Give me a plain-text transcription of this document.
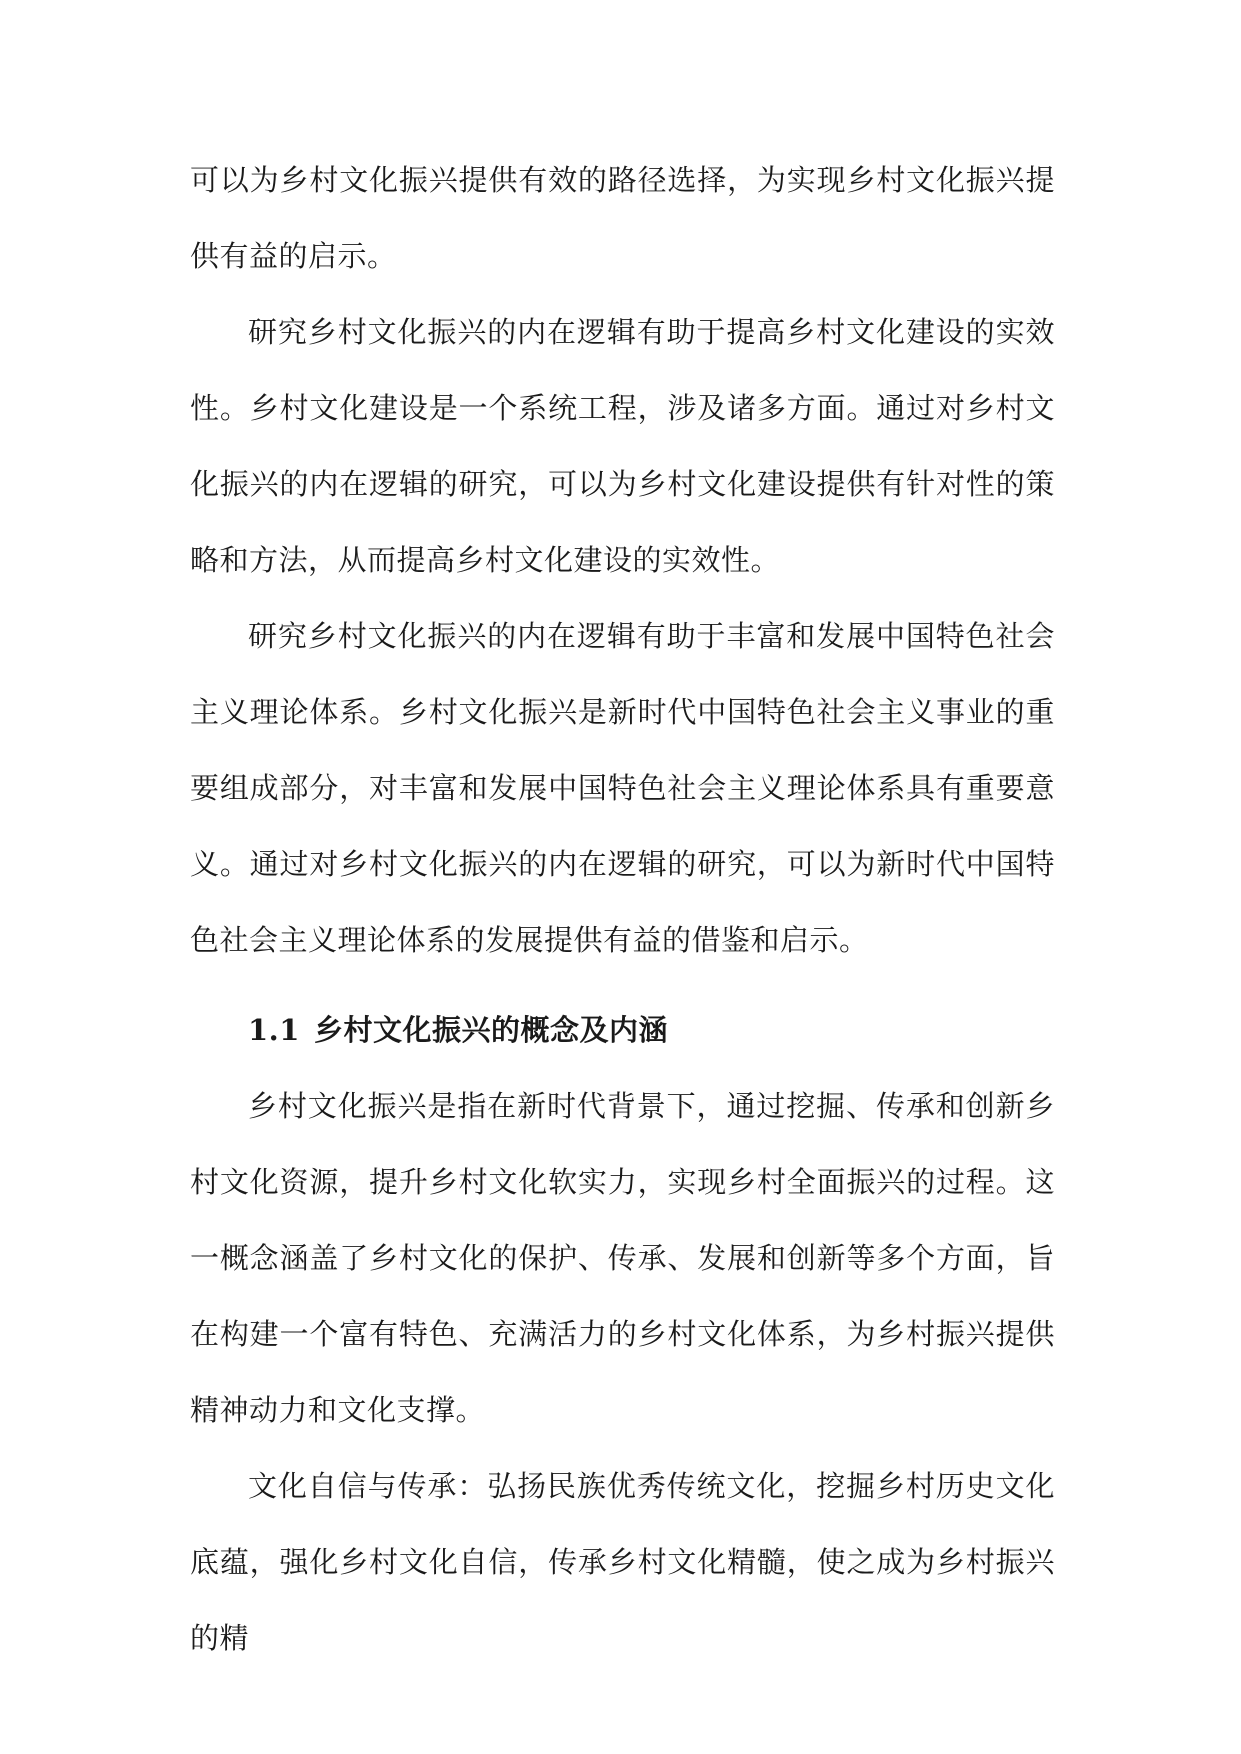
可以为乡村文化振兴提供有效的路径选择，为实现乡村文化振兴提供有益的启示。

研究乡村文化振兴的内在逻辑有助于提高乡村文化建设的实效性。乡村文化建设是一个系统工程，涉及诸多方面。通过对乡村文化振兴的内在逻辑的研究，可以为乡村文化建设提供有针对性的策略和方法，从而提高乡村文化建设的实效性。

研究乡村文化振兴的内在逻辑有助于丰富和发展中国特色社会主义理论体系。乡村文化振兴是新时代中国特色社会主义事业的重要组成部分，对丰富和发展中国特色社会主义理论体系具有重要意义。通过对乡村文化振兴的内在逻辑的研究，可以为新时代中国特色社会主义理论体系的发展提供有益的借鉴和启示。

1.1 乡村文化振兴的概念及内涵

乡村文化振兴是指在新时代背景下，通过挖掘、传承和创新乡村文化资源，提升乡村文化软实力，实现乡村全面振兴的过程。这一概念涵盖了乡村文化的保护、传承、发展和创新等多个方面，旨在构建一个富有特色、充满活力的乡村文化体系，为乡村振兴提供精神动力和文化支撑。

文化自信与传承：弘扬民族优秀传统文化，挖掘乡村历史文化底蕴，强化乡村文化自信，传承乡村文化精髓，使之成为乡村振兴的精
